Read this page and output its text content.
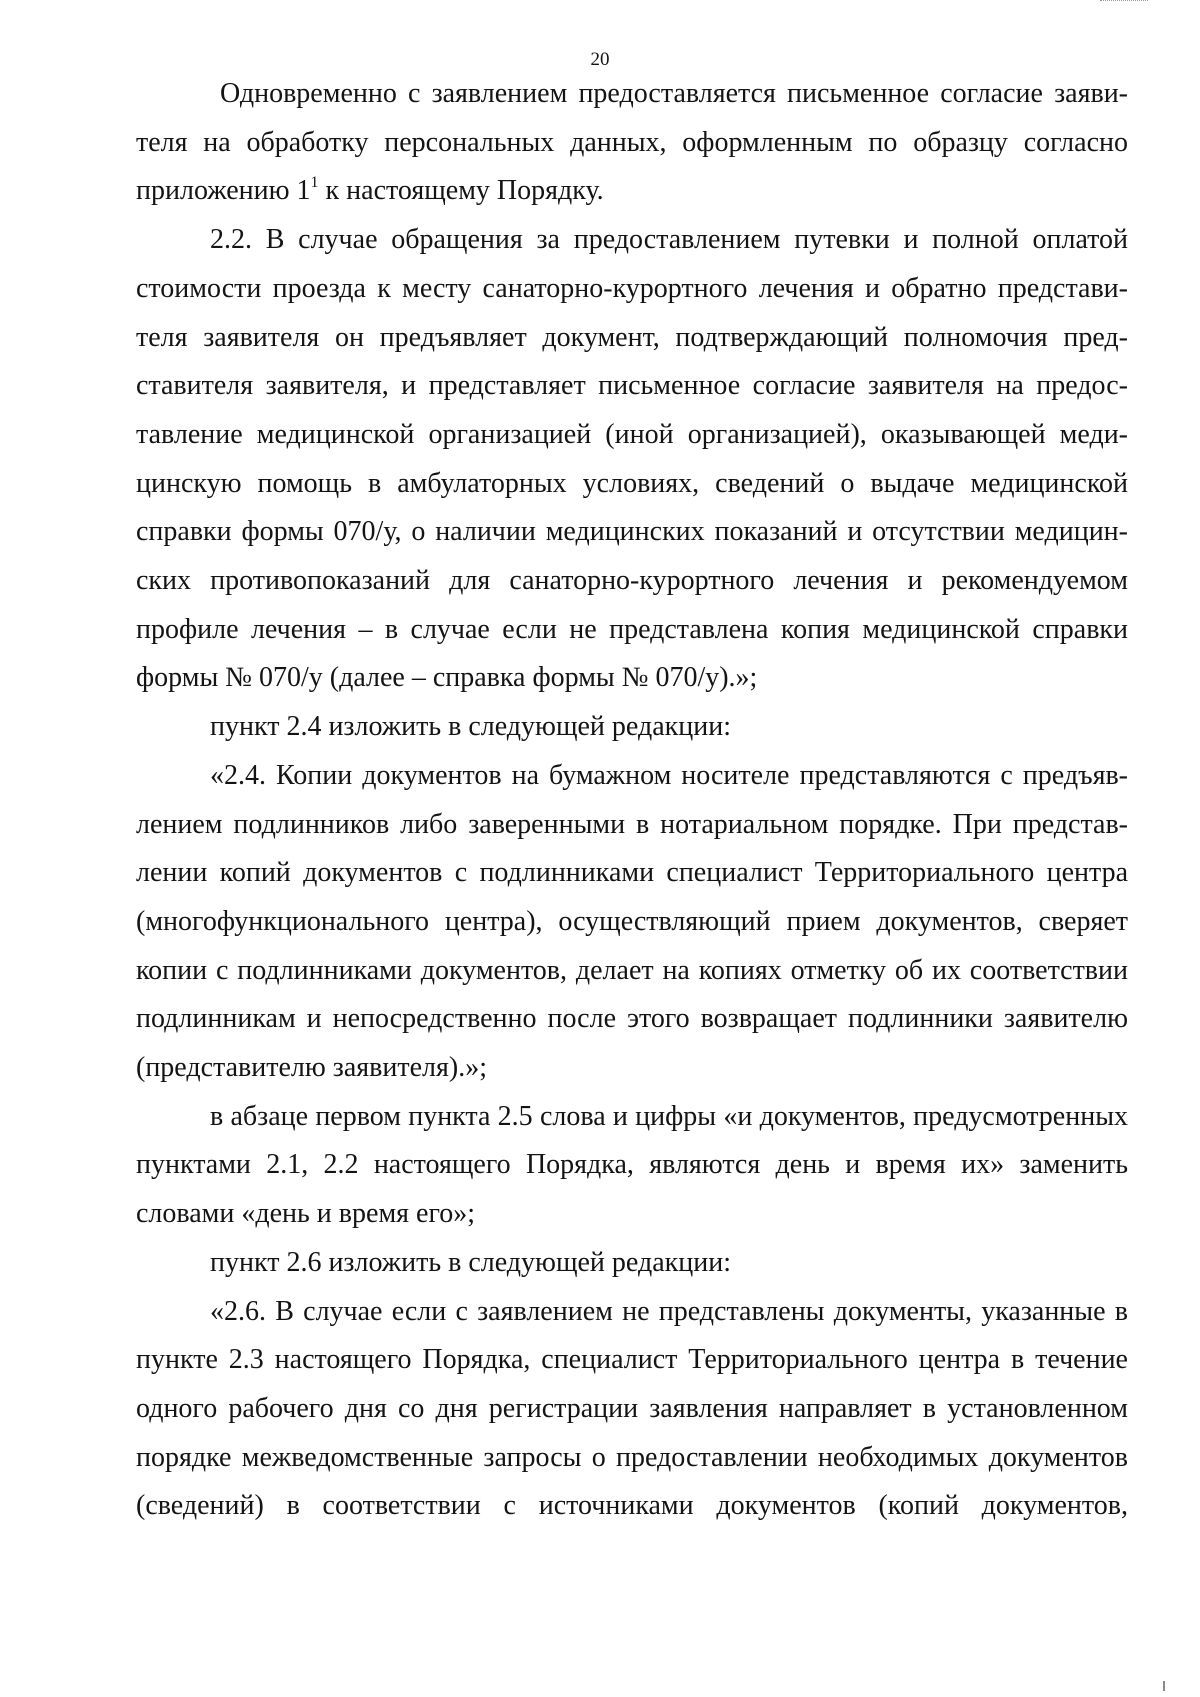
20

Одновременно с заявлением предоставляется письменное согласие заявителя на обработку персональных данных, оформленным по образцу согласно приложению $1^1$ к настоящему Порядку.

2.2. В случае обращения за предоставлением путевки и полной оплатой стоимости проезда к месту санаторно-курортного лечения и обратно представителя заявителя он предъявляет документ, подтверждающий полномочия представителя заявителя, и представляет письменное согласие заявителя на предоставление медицинской организацией (иной организацией), оказывающей медицинскую помощь в амбулаторных условиях, сведений о выдаче медицинской справки формы 070/у, о наличии медицинских показаний и отсутствии медицинских противопоказаний для санаторно-курортного лечения и рекомендуемом профиле лечения – в случае если не представлена копия медицинской справки формы № 070/у (далее – справка формы № 070/у).»;

пункт 2.4 изложить в следующей редакции:

«2.4. Копии документов на бумажном носителе представляются с предъявлением подлинников либо заверенными в нотариальном порядке. При представлении копий документов с подлинниками специалист Территориального центра (многофункционального центра), осуществляющий прием документов, сверяет копии с подлинниками документов, делает на копиях отметку об их соответствии подлинникам и непосредственно после этого возвращает подлинники заявителю (представителю заявителя).»;

в абзаце первом пункта 2.5 слова и цифры «и документов, предусмотренных пунктами 2.1, 2.2 настоящего Порядка, являются день и время их» заменить словами «день и время его»;

пункт 2.6 изложить в следующей редакции:

«2.6. В случае если с заявлением не представлены документы, указанные в пункте 2.3 настоящего Порядка, специалист Территориального центра в течение одного рабочего дня со дня регистрации заявления направляет в установленном порядке межведомственные запросы о предоставлении необходимых документов (сведений) в соответствии с источниками документов (копий документов,
